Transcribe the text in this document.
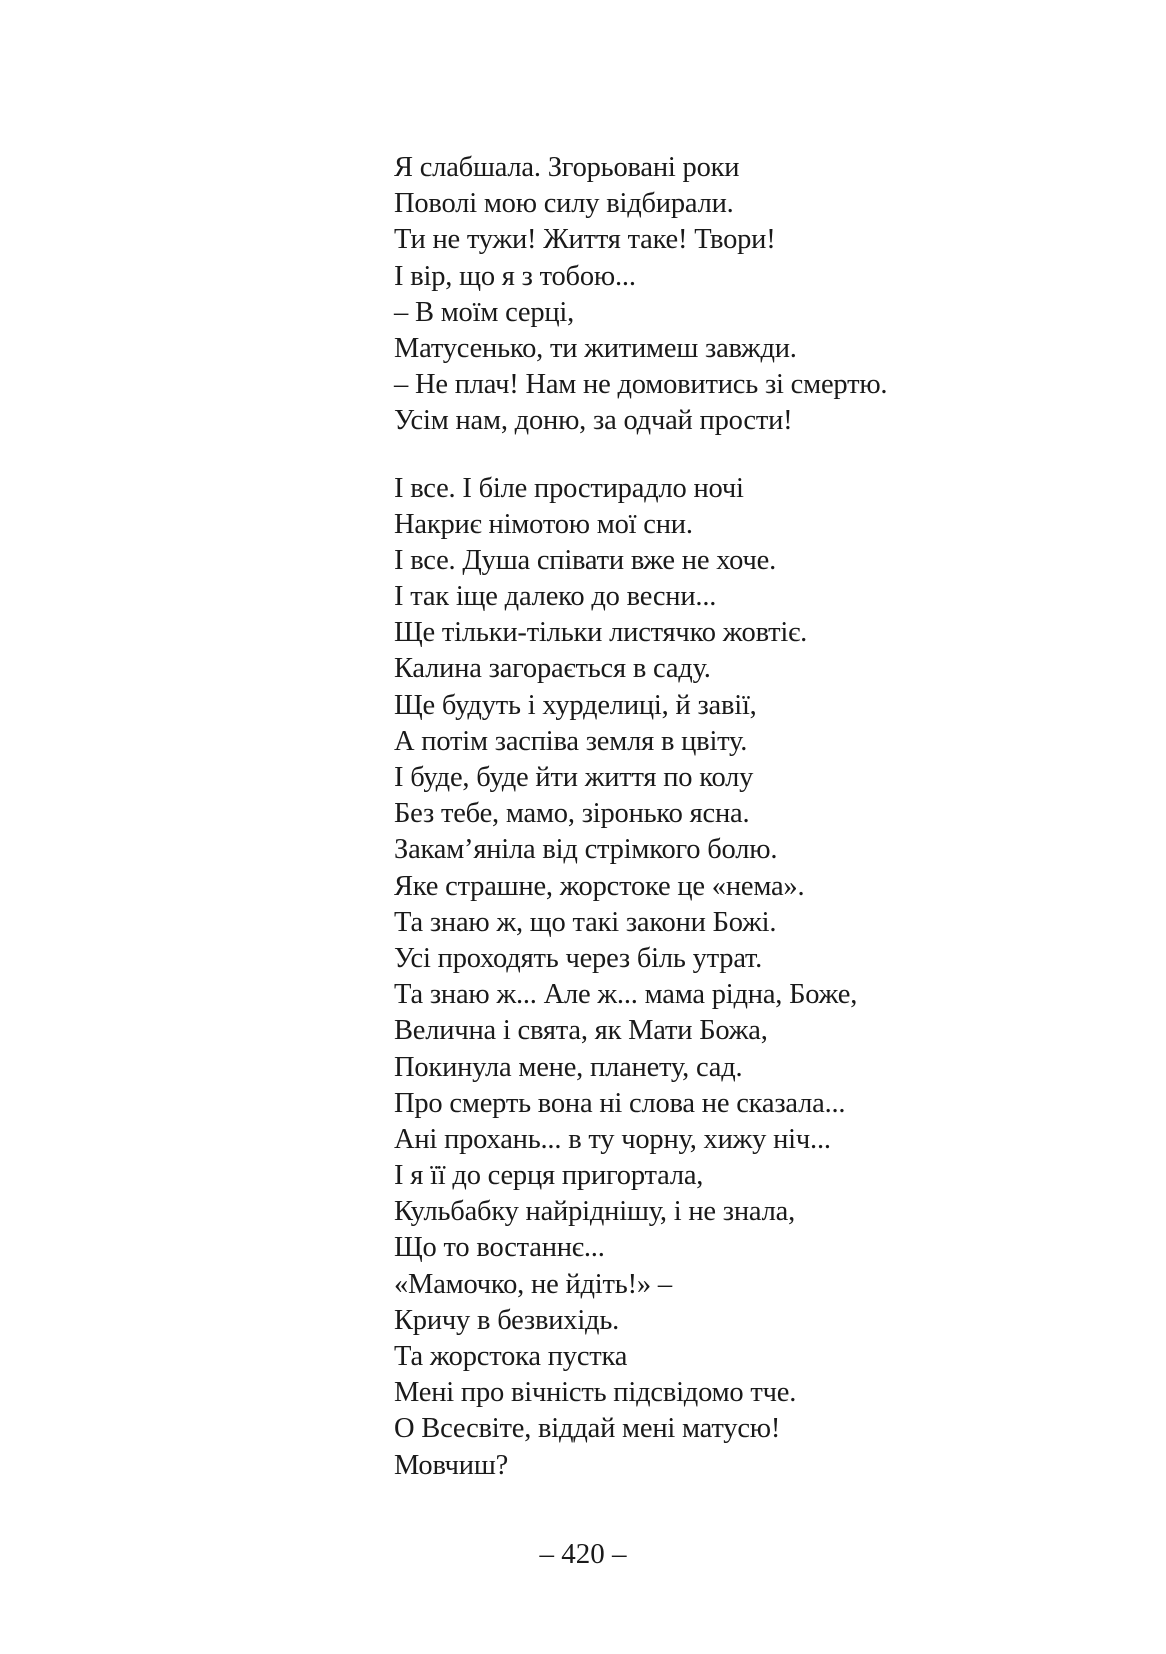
Я слабшала. Згорьовані роки
Поволі мою силу відбирали.
Ти не тужи! Життя таке! Твори!
І вір, що я з тобою...
– В моїм серці,
Матусенько, ти житимеш завжди.
– Не плач! Нам не домовитись зі смертю.
Усім нам, доню, за одчай прости!
І все. І біле простирадло ночі
Накриє німотою мої сни.
І все. Душа співати вже не хоче.
І так іще далеко до весни...
Ще тільки-тільки листячко жовтіє.
Калина загорається в саду.
Ще будуть і хурделиці, й завії,
А потім заспіва земля в цвіту.
І буде, буде йти життя по колу
Без тебе, мамо, зіронько ясна.
Закам’яніла від стрімкого болю.
Яке страшне, жорстоке це «нема».
Та знаю ж, що такі закони Божі.
Усі проходять через біль утрат.
Та знаю ж... Але ж... мама рідна, Боже,
Велична і свята, як Мати Божа,
Покинула мене, планету, сад.
Про смерть вона ні слова не сказала...
Ані прохань... в ту чорну, хижу ніч...
І я її до серця пригортала,
Кульбабку найріднішу, і не знала,
Що то востаннє...
«Мамочко, не йдіть!» –
Кричу в безвихідь.
Та жорстока пустка
Мені про вічність підсвідомо тче.
О Всесвіте, віддай мені матусю!
Мовчиш?
– 420 –
